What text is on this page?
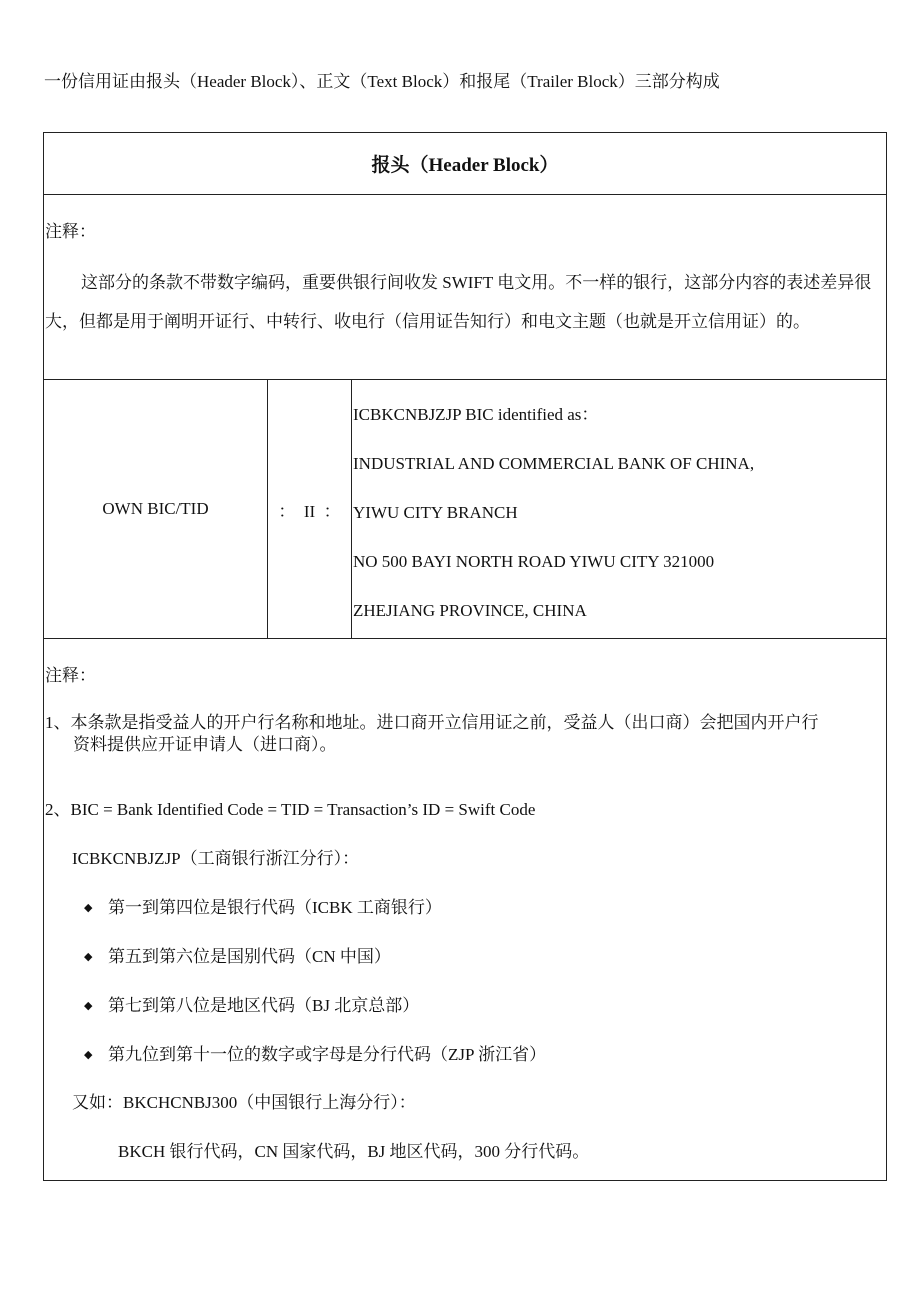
一份信用证由报头（Header Block）、正文（Text Block）和报尾（Trailer Block）三部分构成
报头（Header Block）
注释：
这部分的条款不带数字编码，重要供银行间收发 SWIFT 电文用。不一样的银行，这部分内容的表述差异很大，但都是用于阐明开证行、中转行、收电行（信用证告知行）和电文主题（也就是开立信用证）的。
OWN BIC/TID	：  II  ：
ICBKCNBJZJP BIC identified as：
INDUSTRIAL AND COMMERCIAL BANK OF CHINA,
YIWU CITY BRANCH
NO 500 BAYI NORTH ROAD YIWU CITY 321000
ZHEJIANG PROVINCE, CHINA
注释：
1、本条款是指受益人的开户行名称和地址。进口商开立信用证之前，受益人（出口商）会把国内开户行
资料提供应开证申请人（进口商）。
2、BIC = Bank Identified Code = TID = Transaction’s ID = Swift Code
ICBKCNBJZJP（工商银行浙江分行）：
◆ 第一到第四位是银行代码（ICBK 工商银行）
◆ 第五到第六位是国别代码（CN 中国）
◆ 第七到第八位是地区代码（BJ 北京总部）
◆ 第九位到第十一位的数字或字母是分行代码（ZJP 浙江省）
又如：BKCHCNBJ300（中国银行上海分行）：
BKCH 银行代码，CN 国家代码，BJ 地区代码，300 分行代码。
